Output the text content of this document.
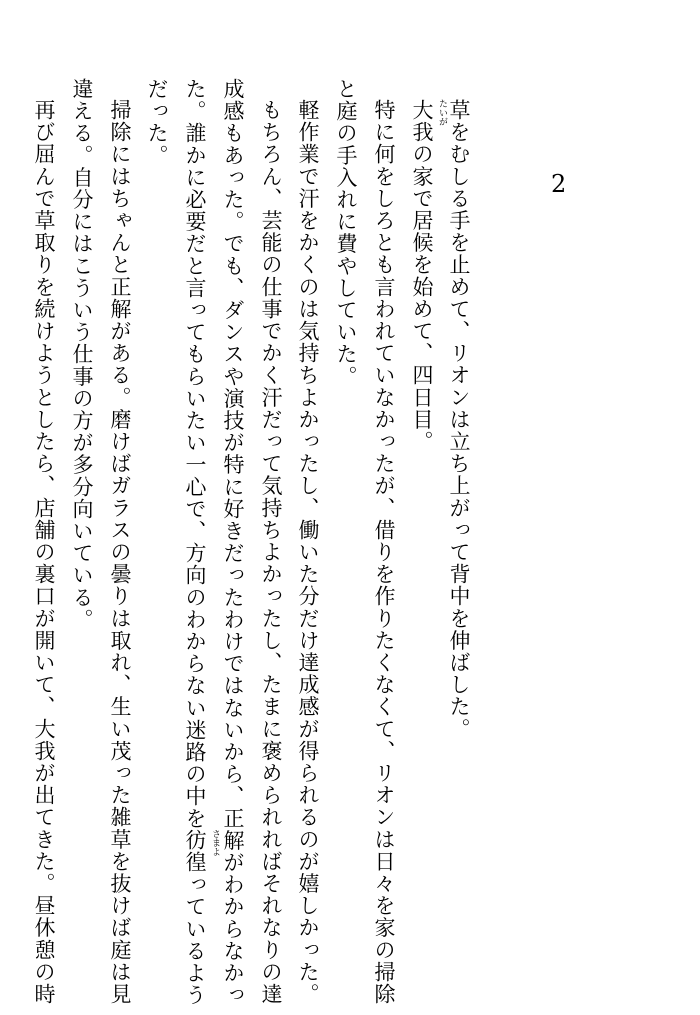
2
草をむしる手を止めて、リオンは立ち上がって背中を伸ばした。
大我 たいが
の家で居候を始めて、四日目。
特に何をしろとも言われていなかったが、借りを作りたくなくて、リオンは日々を家の掃除
と庭の手入れに費やしていた。
軽作業で汗をかくのは気持ちよかったし、働いた分だけ達成感が得られるのが嬉しかった。
もちろん、芸能の仕事でかく汗だって気持ちよかったし、たまに褒められればそれなりの達
成感もあった。でも、ダンスや演技が特に好きだったわけではないから、正解がわからなかっ
た。誰かに必要だと言ってもらいたい一心で、方向のわからない迷路の中を彷徨 さまよ
っているよう
だった。
掃除にはちゃんと正解がある。磨けばガラスの曇りは取れ、生い茂った雑草を抜けば庭は見
違える。自分にはこういう仕事の方が多分向いている。
再び屈んで草取りを続けようとしたら、店舗の裏口が開いて、大我が出てきた。昼休憩の時
